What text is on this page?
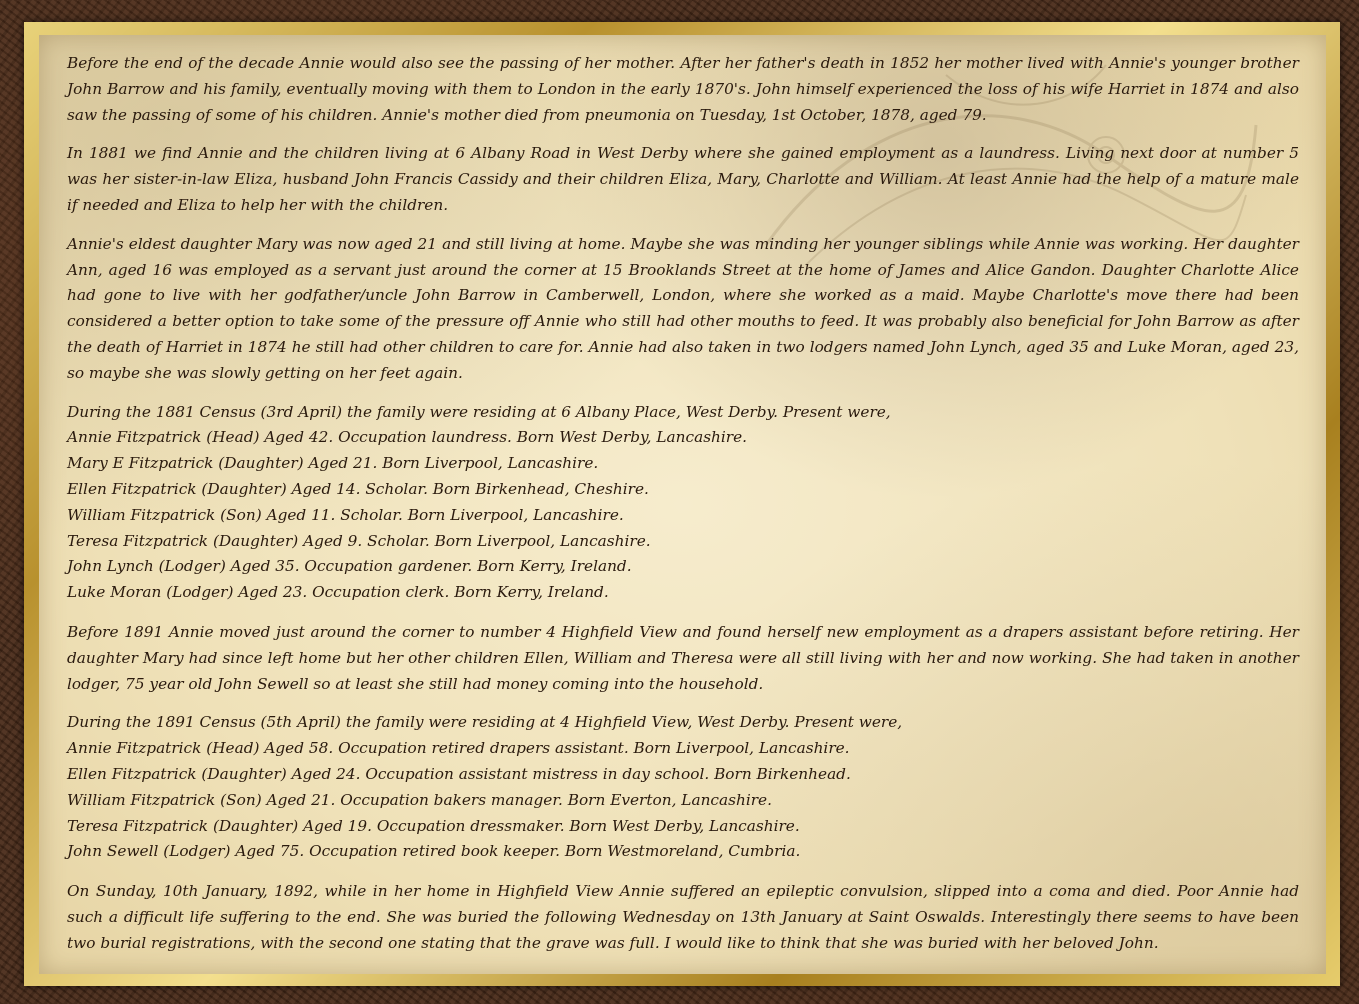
Before the end of the decade Annie would also see the passing of her mother. After her father's death in 1852 her mother lived with Annie's younger brother John Barrow and his family, eventually moving with them to London in the early 1870's. John himself experienced the loss of his wife Harriet in 1874 and also saw the passing of some of his children. Annie's mother died from pneumonia on Tuesday, 1st October, 1878, aged 79.

In 1881 we find Annie and the children living at 6 Albany Road in West Derby where she gained employment as a laundress. Living next door at number 5 was her sister-in-law Eliza, husband John Francis Cassidy and their children Eliza, Mary, Charlotte and William. At least Annie had the help of a mature male if needed and Eliza to help her with the children.

Annie's eldest daughter Mary was now aged 21 and still living at home. Maybe she was minding her younger siblings while Annie was working. Her daughter Ann, aged 16 was employed as a servant just around the corner at 15 Brooklands Street at the home of James and Alice Gandon. Daughter Charlotte Alice had gone to live with her godfather/uncle John Barrow in Camberwell, London, where she worked as a maid. Maybe Charlotte's move there had been considered a better option to take some of the pressure off Annie who still had other mouths to feed. It was probably also beneficial for John Barrow as after the death of Harriet in 1874 he still had other children to care for. Annie had also taken in two lodgers named John Lynch, aged 35 and Luke Moran, aged 23, so maybe she was slowly getting on her feet again.

During the 1881 Census (3rd April) the family were residing at 6 Albany Place, West Derby. Present were,
Annie Fitzpatrick (Head) Aged 42. Occupation laundress. Born West Derby, Lancashire.
Mary E Fitzpatrick (Daughter) Aged 21. Born Liverpool, Lancashire.
Ellen Fitzpatrick (Daughter) Aged 14. Scholar. Born Birkenhead, Cheshire.
William Fitzpatrick (Son) Aged 11. Scholar. Born Liverpool, Lancashire.
Teresa Fitzpatrick (Daughter) Aged 9. Scholar. Born Liverpool, Lancashire.
John Lynch (Lodger) Aged 35. Occupation gardener. Born Kerry, Ireland.
Luke Moran (Lodger) Aged 23. Occupation clerk. Born Kerry, Ireland.

Before 1891 Annie moved just around the corner to number 4 Highfield View and found herself new employment as a drapers assistant before retiring. Her daughter Mary had since left home but her other children Ellen, William and Theresa were all still living with her and now working. She had taken in another lodger, 75 year old John Sewell so at least she still had money coming into the household.

During the 1891 Census (5th April) the family were residing at 4 Highfield View, West Derby. Present were,
Annie Fitzpatrick (Head) Aged 58. Occupation retired drapers assistant. Born Liverpool, Lancashire.
Ellen Fitzpatrick (Daughter) Aged 24. Occupation assistant mistress in day school. Born Birkenhead.
William Fitzpatrick (Son) Aged 21. Occupation bakers manager. Born Everton, Lancashire.
Teresa Fitzpatrick (Daughter) Aged 19. Occupation dressmaker. Born West Derby, Lancashire.
John Sewell (Lodger) Aged 75. Occupation retired book keeper. Born Westmoreland, Cumbria.

On Sunday, 10th January, 1892, while in her home in Highfield View Annie suffered an epileptic convulsion, slipped into a coma and died. Poor Annie had such a difficult life suffering to the end. She was buried the following Wednesday on 13th January at Saint Oswalds. Interestingly there seems to have been two burial registrations, with the second one stating that the grave was full. I would like to think that she was buried with her beloved John.
